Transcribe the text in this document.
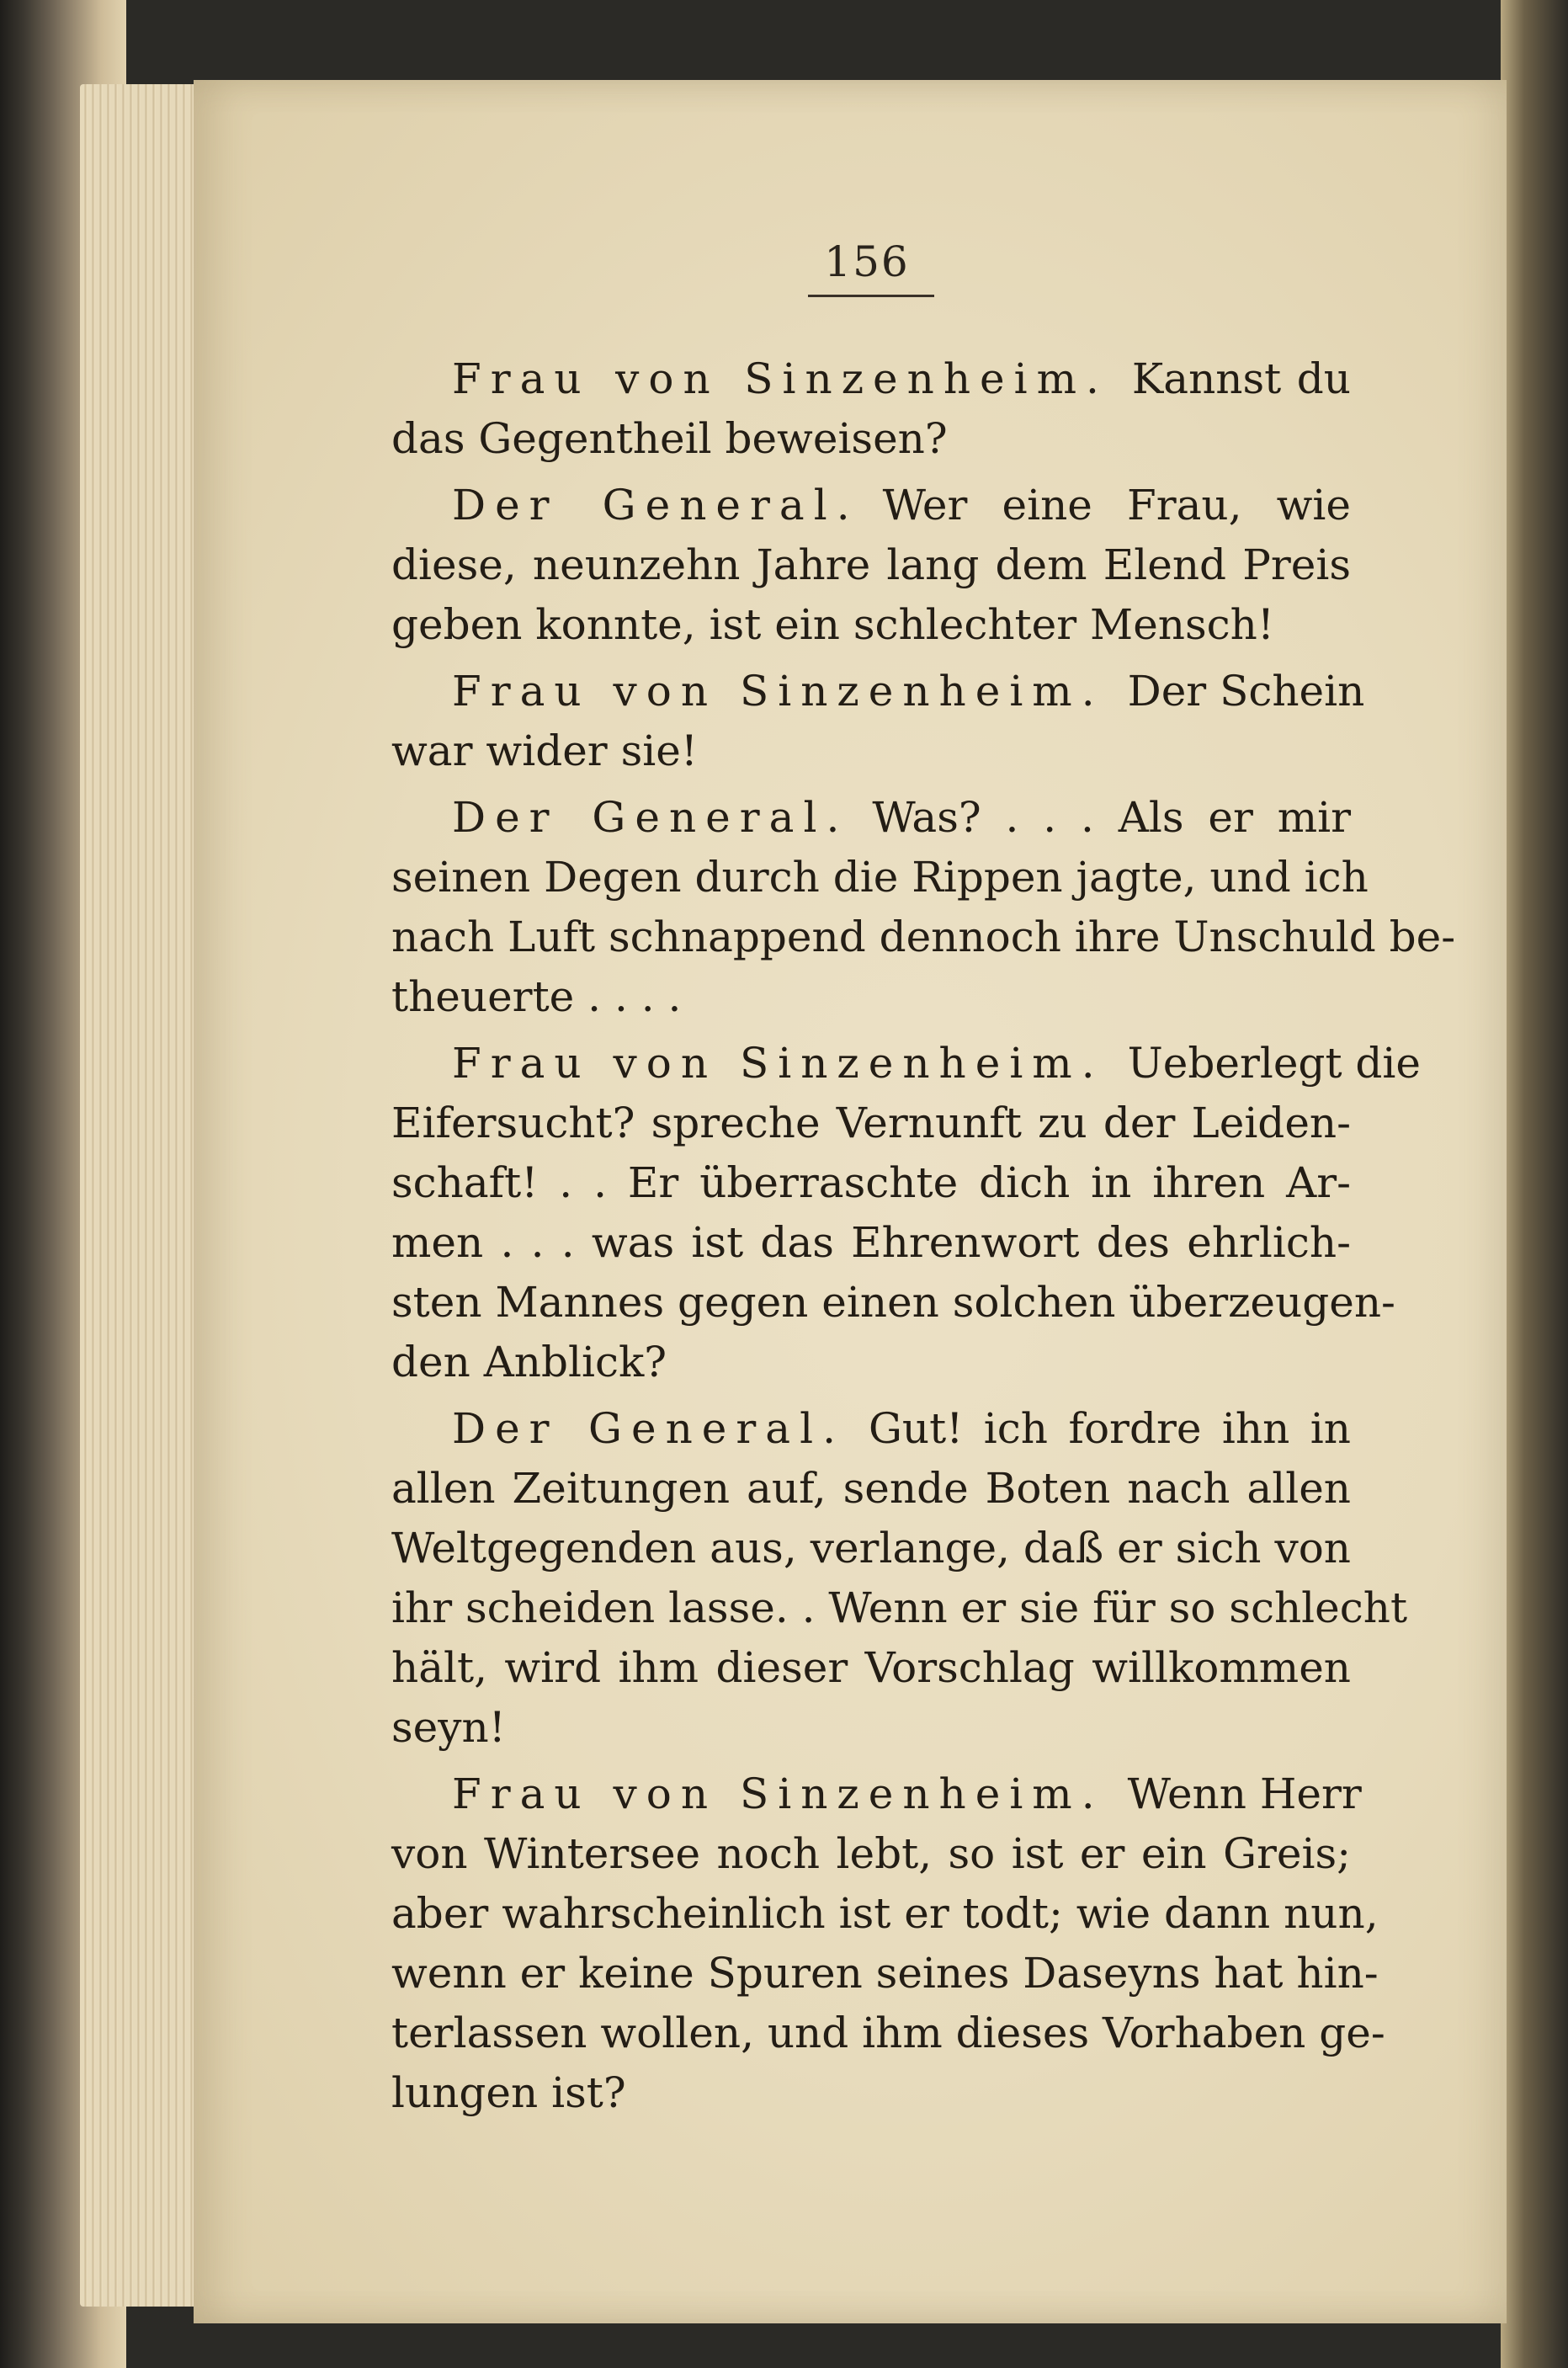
156
Frau von Sinzenheim. Kannst du
das Gegentheil beweisen?
Der General. Wer eine Frau, wie
diese, neunzehn Jahre lang dem Elend Preis
geben konnte, ist ein schlechter Mensch!
Frau von Sinzenheim. Der Schein
war wider sie!
Der General. Was? . . . Als er mir
seinen Degen durch die Rippen jagte, und ich
nach Luft schnappend dennoch ihre Unschuld be-
theuerte . . . .
Frau von Sinzenheim. Ueberlegt die
Eifersucht? spreche Vernunft zu der Leiden-
schaft! . . Er überraschte dich in ihren Ar-
men . . . was ist das Ehrenwort des ehrlich-
sten Mannes gegen einen solchen überzeugen-
den Anblick?
Der General. Gut! ich fordre ihn in
allen Zeitungen auf, sende Boten nach allen
Weltgegenden aus, verlange, daß er sich von
ihr scheiden lasse. . Wenn er sie für so schlecht
hält, wird ihm dieser Vorschlag willkommen
seyn!
Frau von Sinzenheim. Wenn Herr
von Wintersee noch lebt, so ist er ein Greis;
aber wahrscheinlich ist er todt; wie dann nun,
wenn er keine Spuren seines Daseyns hat hin-
terlassen wollen, und ihm dieses Vorhaben ge-
lungen ist?
